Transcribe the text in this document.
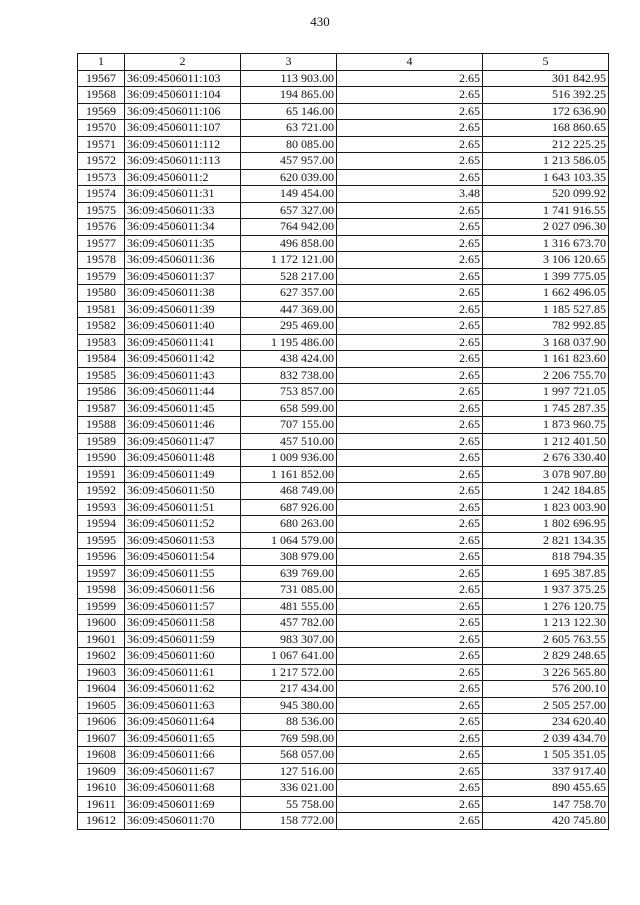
430
1	2	3	4	5
19567	36:09:4506011:103	113 903.00	2.65	301 842.95
19568	36:09:4506011:104	194 865.00	2.65	516 392.25
19569	36:09:4506011:106	65 146.00	2.65	172 636.90
19570	36:09:4506011:107	63 721.00	2.65	168 860.65
19571	36:09:4506011:112	80 085.00	2.65	212 225.25
19572	36:09:4506011:113	457 957.00	2.65	1 213 586.05
19573	36:09:4506011:2	620 039.00	2.65	1 643 103.35
19574	36:09:4506011:31	149 454.00	3.48	520 099.92
19575	36:09:4506011:33	657 327.00	2.65	1 741 916.55
19576	36:09:4506011:34	764 942.00	2.65	2 027 096.30
19577	36:09:4506011:35	496 858.00	2.65	1 316 673.70
19578	36:09:4506011:36	1 172 121.00	2.65	3 106 120.65
19579	36:09:4506011:37	528 217.00	2.65	1 399 775.05
19580	36:09:4506011:38	627 357.00	2.65	1 662 496.05
19581	36:09:4506011:39	447 369.00	2.65	1 185 527.85
19582	36:09:4506011:40	295 469.00	2.65	782 992.85
19583	36:09:4506011:41	1 195 486.00	2.65	3 168 037.90
19584	36:09:4506011:42	438 424.00	2.65	1 161 823.60
19585	36:09:4506011:43	832 738.00	2.65	2 206 755.70
19586	36:09:4506011:44	753 857.00	2.65	1 997 721.05
19587	36:09:4506011:45	658 599.00	2.65	1 745 287.35
19588	36:09:4506011:46	707 155.00	2.65	1 873 960.75
19589	36:09:4506011:47	457 510.00	2.65	1 212 401.50
19590	36:09:4506011:48	1 009 936.00	2.65	2 676 330.40
19591	36:09:4506011:49	1 161 852.00	2.65	3 078 907.80
19592	36:09:4506011:50	468 749.00	2.65	1 242 184.85
19593	36:09:4506011:51	687 926.00	2.65	1 823 003.90
19594	36:09:4506011:52	680 263.00	2.65	1 802 696.95
19595	36:09:4506011:53	1 064 579.00	2.65	2 821 134.35
19596	36:09:4506011:54	308 979.00	2.65	818 794.35
19597	36:09:4506011:55	639 769.00	2.65	1 695 387.85
19598	36:09:4506011:56	731 085.00	2.65	1 937 375.25
19599	36:09:4506011:57	481 555.00	2.65	1 276 120.75
19600	36:09:4506011:58	457 782.00	2.65	1 213 122.30
19601	36:09:4506011:59	983 307.00	2.65	2 605 763.55
19602	36:09:4506011:60	1 067 641.00	2.65	2 829 248.65
19603	36:09:4506011:61	1 217 572.00	2.65	3 226 565.80
19604	36:09:4506011:62	217 434.00	2.65	576 200.10
19605	36:09:4506011:63	945 380.00	2.65	2 505 257.00
19606	36:09:4506011:64	88 536.00	2.65	234 620.40
19607	36:09:4506011:65	769 598.00	2.65	2 039 434.70
19608	36:09:4506011:66	568 057.00	2.65	1 505 351.05
19609	36:09:4506011:67	127 516.00	2.65	337 917.40
19610	36:09:4506011:68	336 021.00	2.65	890 455.65
19611	36:09:4506011:69	55 758.00	2.65	147 758.70
19612	36:09:4506011:70	158 772.00	2.65	420 745.80
